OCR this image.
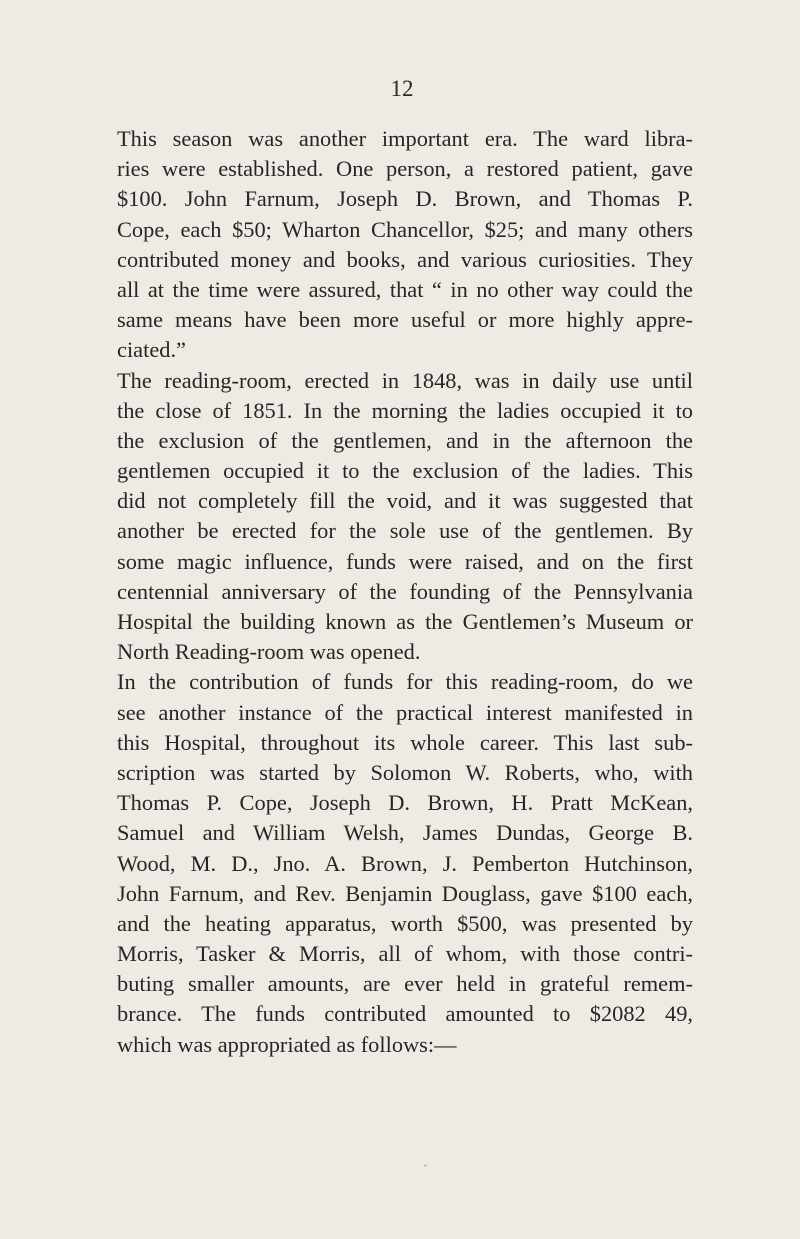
12
This season was another important era. The ward libra-
ries were established. One person, a restored patient, gave
$100. John Farnum, Joseph D. Brown, and Thomas P.
Cope, each $50; Wharton Chancellor, $25; and many others
contributed money and books, and various curiosities. They
all at the time were assured, that “ in no other way could the
same means have been more useful or more highly appre-
ciated.”
The reading-room, erected in 1848, was in daily use until
the close of 1851. In the morning the ladies occupied it to
the exclusion of the gentlemen, and in the afternoon the
gentlemen occupied it to the exclusion of the ladies. This
did not completely fill the void, and it was suggested that
another be erected for the sole use of the gentlemen. By
some magic influence, funds were raised, and on the first
centennial anniversary of the founding of the Pennsylvania
Hospital the building known as the Gentlemen’s Museum or
North Reading-room was opened.
In the contribution of funds for this reading-room, do we
see another instance of the practical interest manifested in
this Hospital, throughout its whole career. This last sub-
scription was started by Solomon W. Roberts, who, with
Thomas P. Cope, Joseph D. Brown, H. Pratt McKean,
Samuel and William Welsh, James Dundas, George B.
Wood, M. D., Jno. A. Brown, J. Pemberton Hutchinson,
John Farnum, and Rev. Benjamin Douglass, gave $100 each,
and the heating apparatus, worth $500, was presented by
Morris, Tasker & Morris, all of whom, with those contri-
buting smaller amounts, are ever held in grateful remem-
brance. The funds contributed amounted to $2082 49,
which was appropriated as follows:—
